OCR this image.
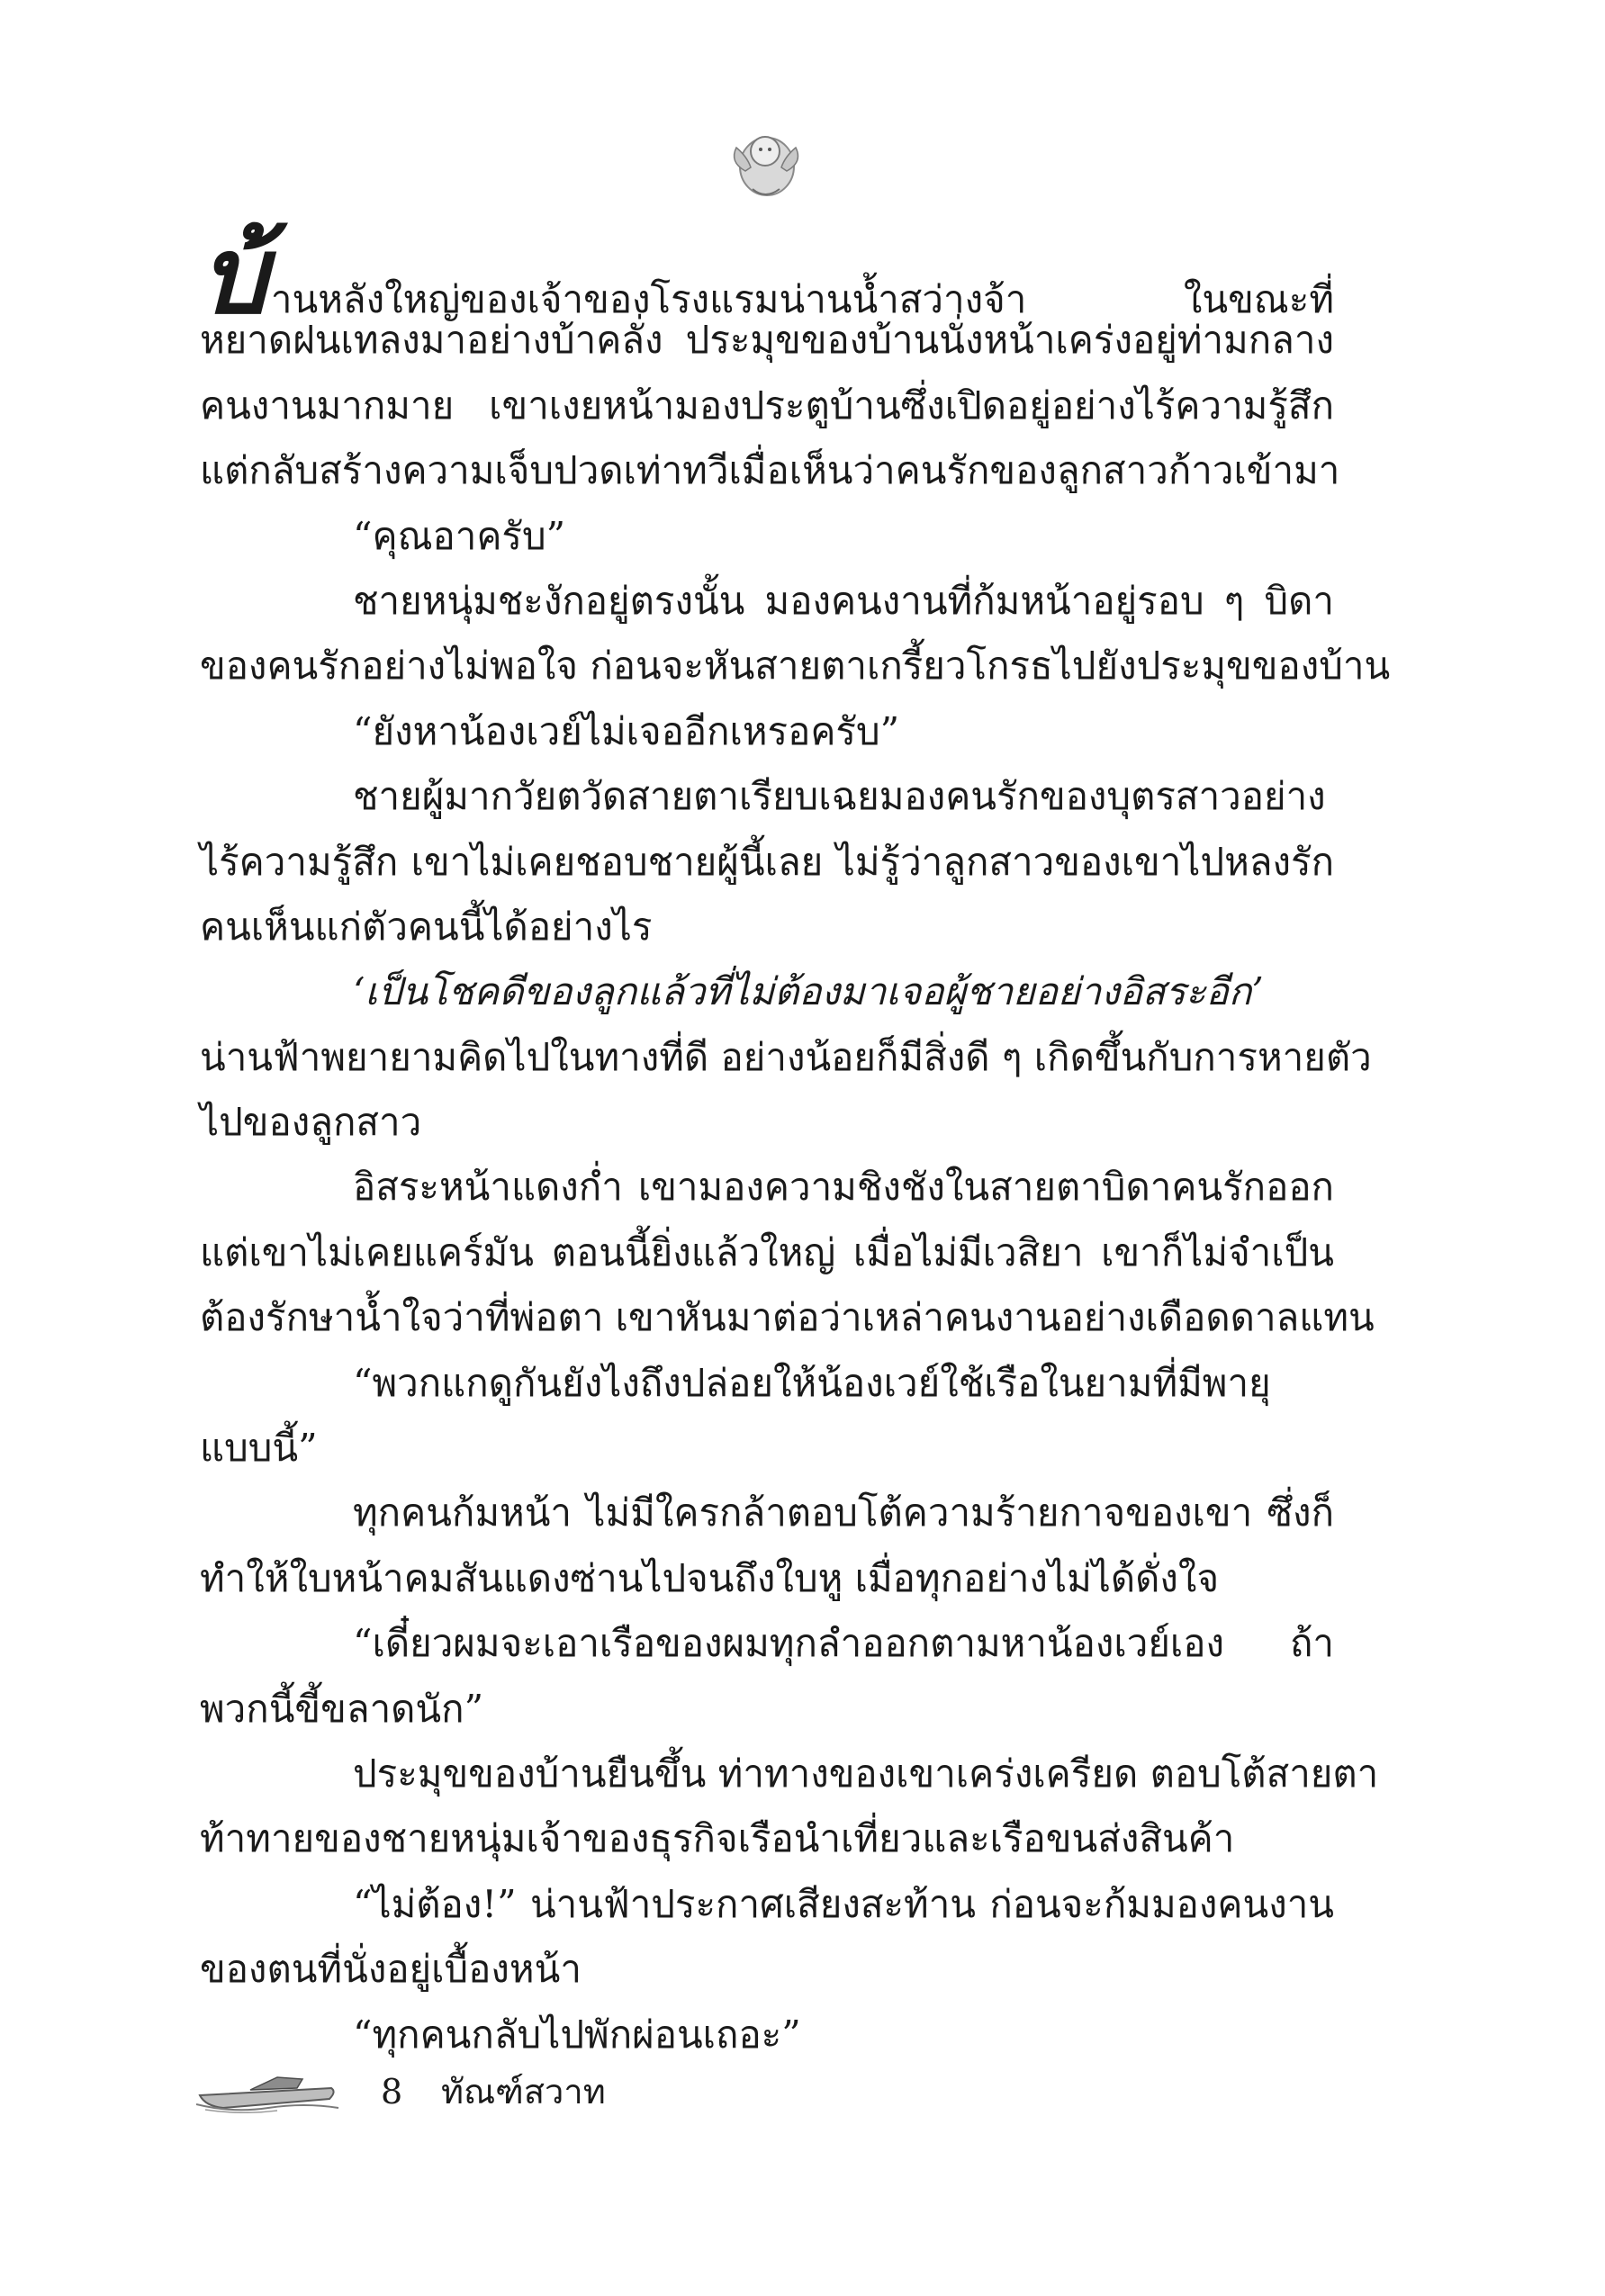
บ้านหลังใหญ่ของเจ้าของโรงแรมน่านน้ำสว่างจ้า ในขณะที่
หยาดฝนเทลงมาอย่างบ้าคลั่ง ประมุขของบ้านนั่งหน้าเคร่งอยู่ท่ามกลาง
คนงานมากมาย เขาเงยหน้ามองประตูบ้านซึ่งเปิดอยู่อย่างไร้ความรู้สึก
แต่กลับสร้างความเจ็บปวดเท่าทวีเมื่อเห็นว่าคนรักของลูกสาวก้าวเข้ามา
“คุณอาครับ”
ชายหนุ่มชะงักอยู่ตรงนั้น มองคนงานที่ก้มหน้าอยู่รอบ ๆ บิดา
ของคนรักอย่างไม่พอใจ ก่อนจะหันสายตาเกรี้ยวโกรธไปยังประมุขของบ้าน
“ยังหาน้องเวย์ไม่เจออีกเหรอครับ”
ชายผู้มากวัยตวัดสายตาเรียบเฉยมองคนรักของบุตรสาวอย่าง
ไร้ความรู้สึก เขาไม่เคยชอบชายผู้นี้เลย ไม่รู้ว่าลูกสาวของเขาไปหลงรัก
คนเห็นแก่ตัวคนนี้ได้อย่างไร
‘เป็นโชคดีของลูกแล้วที่ไม่ต้องมาเจอผู้ชายอย่างอิสระอีก’
น่านฟ้าพยายามคิดไปในทางที่ดี อย่างน้อยก็มีสิ่งดี ๆ เกิดขึ้นกับการหายตัว
ไปของลูกสาว
อิสระหน้าแดงก่ำ เขามองความชิงชังในสายตาบิดาคนรักออก
แต่เขาไม่เคยแคร์มัน ตอนนี้ยิ่งแล้วใหญ่ เมื่อไม่มีเวสิยา เขาก็ไม่จำเป็น
ต้องรักษาน้ำใจว่าที่พ่อตา เขาหันมาต่อว่าเหล่าคนงานอย่างเดือดดาลแทน
“พวกแกดูกันยังไงถึงปล่อยให้น้องเวย์ใช้เรือในยามที่มีพายุ
แบบนี้”
ทุกคนก้มหน้า ไม่มีใครกล้าตอบโต้ความร้ายกาจของเขา ซึ่งก็
ทำให้ใบหน้าคมสันแดงซ่านไปจนถึงใบหู เมื่อทุกอย่างไม่ได้ดั่งใจ
“เดี๋ยวผมจะเอาเรือของผมทุกลำออกตามหาน้องเวย์เอง ถ้า
พวกนี้ขี้ขลาดนัก”
ประมุขของบ้านยืนขึ้น ท่าทางของเขาเคร่งเครียด ตอบโต้สายตา
ท้าทายของชายหนุ่มเจ้าของธุรกิจเรือนำเที่ยวและเรือขนส่งสินค้า
“ไม่ต้อง!” น่านฟ้าประกาศเสียงสะท้าน ก่อนจะก้มมองคนงาน
ของตนที่นั่งอยู่เบื้องหน้า
“ทุกคนกลับไปพักผ่อนเถอะ”
8 ทัณฑ์สวาท
